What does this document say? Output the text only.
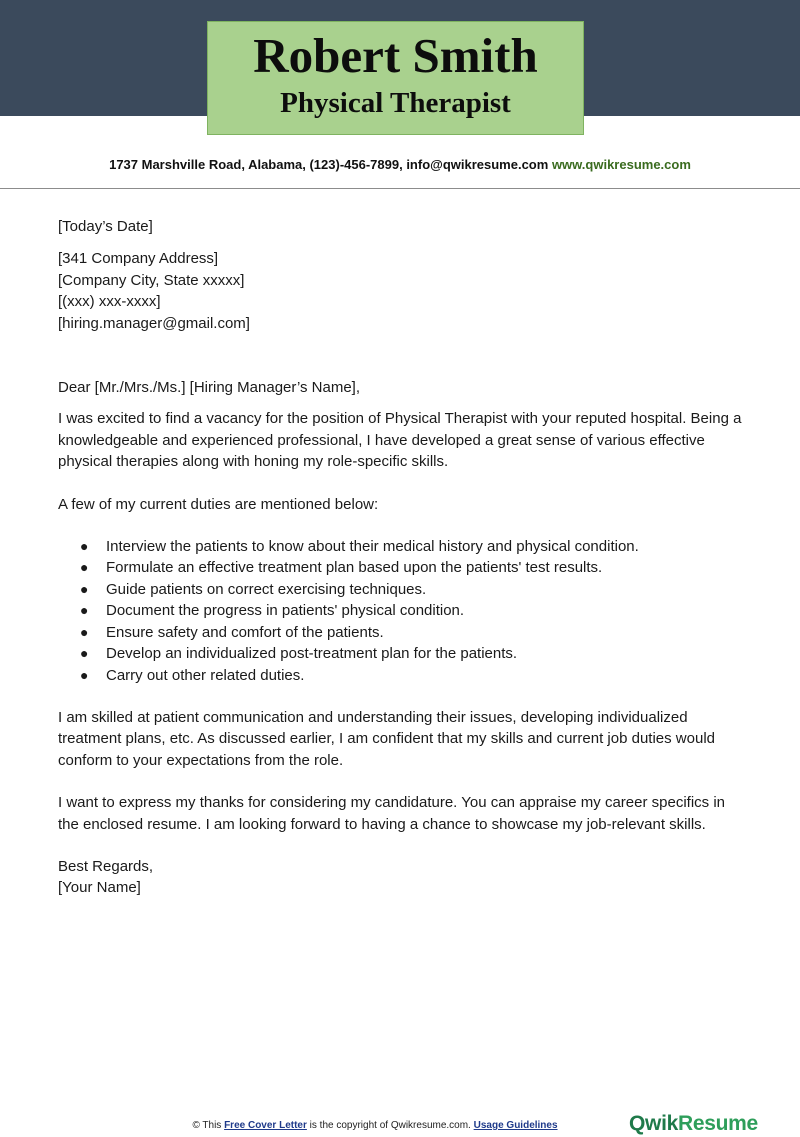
Robert Smith
Physical Therapist
1737 Marshville Road, Alabama, (123)-456-7899, info@qwikresume.com www.qwikresume.com

[Today’s Date]

[341 Company Address]

[Company City, State xxxxx]

[(xxx) xxx-xxxx]

[hiring.manager@gmail.com]

Dear [Mr./Mrs./Ms.] [Hiring Manager’s Name],

I was excited to find a vacancy for the position of Physical Therapist with your reputed hospital. Being a knowledgeable and experienced professional, I have developed a great sense of various effective physical therapies along with honing my role-specific skills.

A few of my current duties are mentioned below:

● Interview the patients to know about their medical history and physical condition.
● Formulate an effective treatment plan based upon the patients' test results.
● Guide patients on correct exercising techniques.
● Document the progress in patients' physical condition.
● Ensure safety and comfort of the patients.
● Develop an individualized post-treatment plan for the patients.
● Carry out other related duties.

I am skilled at patient communication and understanding their issues, developing individualized treatment plans, etc. As discussed earlier, I am confident that my skills and current job duties would conform to your expectations from the role.

I want to express my thanks for considering my candidature. You can appraise my career specifics in the enclosed resume. I am looking forward to having a chance to showcase my job-relevant skills.

Best Regards,

[Your Name]

© This Free Cover Letter is the copyright of Qwikresume.com. Usage Guidelines	QwikResume
